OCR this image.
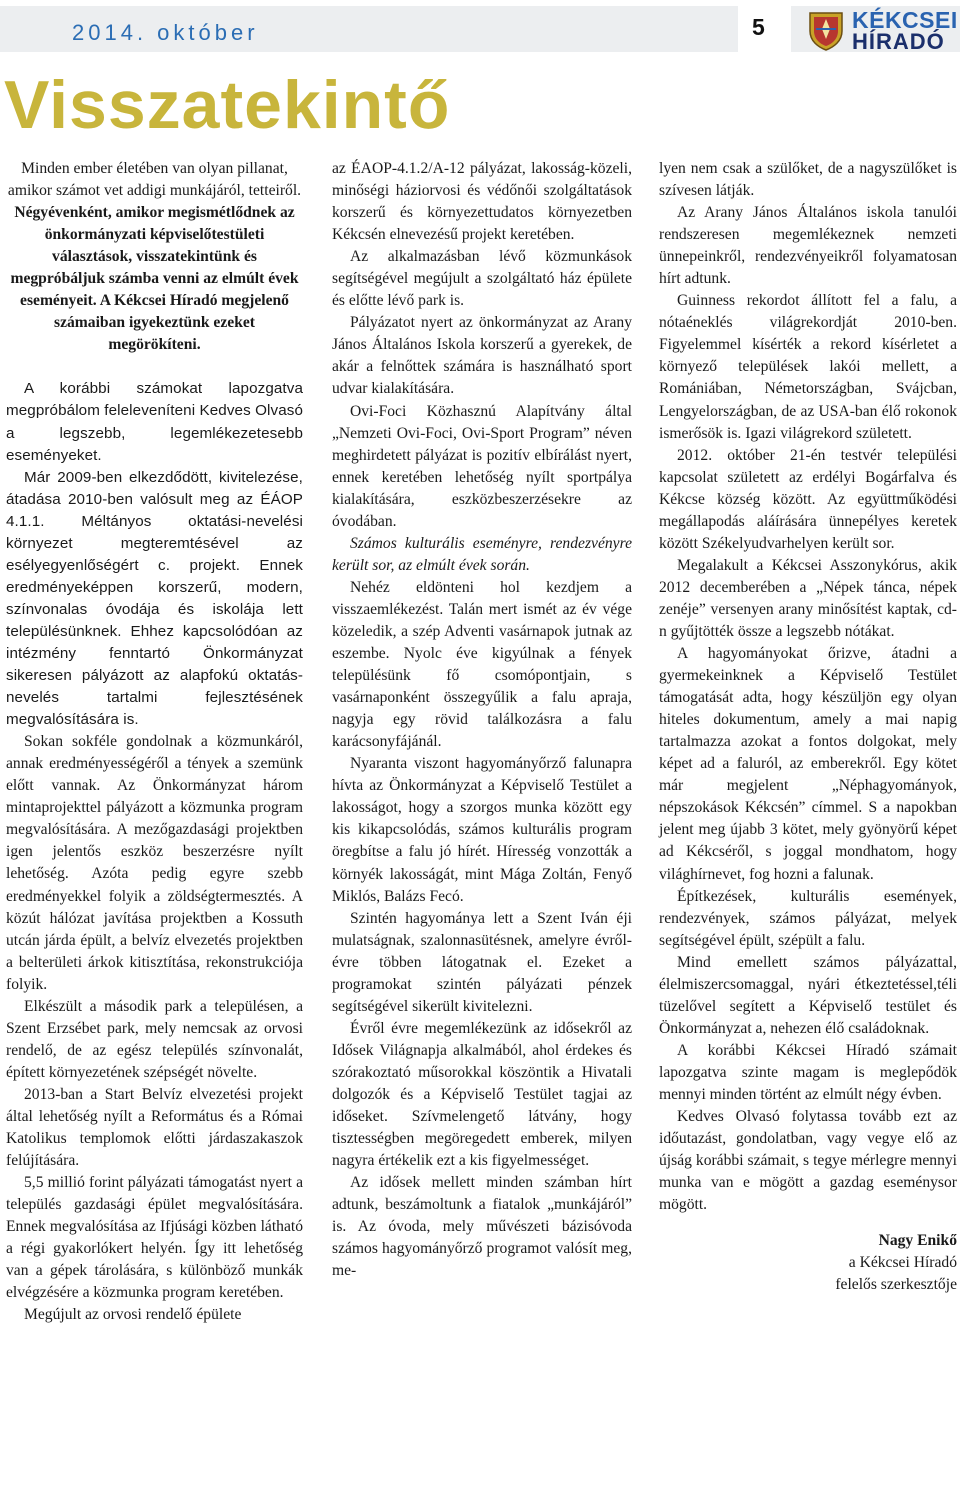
2014. október	5	KÉKCSEI
HÍRADÓ
Visszatekintő

Minden ember életében van olyan pillanat, amikor számot vet addigi munkájáról, tetteiről. Négyévenként, amikor megismétlődnek az önkormányzati képviselőtestületi választások, visszatekintünk és megpróbáljuk számba venni az elmúlt évek eseményeit. A Kékcsei Híradó megjelenő számaiban igyekeztünk ezeket megörökíteni.

A korábbi számokat lapozgatva megpróbálom feleleveníteni Kedves Olvasó a legszebb, legemlékezetesebb eseményeket.

Már 2009-ben elkezdődött, kivitelezése, átadása 2010-ben valósult meg az ÉÁOP 4.1.1. Méltányos oktatási-nevelési környezet megteremtésével az esélyegyenlőségért c. projekt. Ennek eredményeképpen korszerű, modern, színvonalas óvodája és iskolája lett településünknek. Ehhez kapcsolódóan az intézmény fenntartó Önkormányzat sikeresen pályázott az alapfokú oktatás-nevelés tartalmi fejlesztésének megvalósítására is.

Sokan sokféle gondolnak a közmunkáról, annak eredményességéről a tények a szemünk előtt vannak. Az Önkormányzat három mintaprojekttel pályázott a közmunka program megvalósítására. A mezőgazdasági projektben igen jelentős eszköz beszerzésre nyílt lehetőség. Azóta pedig egyre szebb eredményekkel folyik a zöldségtermesztés. A közút hálózat javítása projektben a Kossuth utcán járda épült, a belvíz elvezetés projektben a belterületi árkok kitisztítása, rekonstrukciója folyik.

Elkészült a második park a településen, a Szent Erzsébet park, mely nemcsak az orvosi rendelő, de az egész település színvonalát, épített környezetének szépségét növelte.

2013-ban a Start Belvíz elvezetési projekt által lehetőség nyílt a Református és a Római Katolikus templomok előtti járdaszakaszok felújítására.

5,5 millió forint pályázati támogatást nyert a település gazdasági épület megvalósítására. Ennek megvalósítása az Ifjúsági közben látható a régi gyakorlókert helyén. Így itt lehetőség van a gépek tárolására, s különböző munkák elvégzésére a közmunka program keretében.

Megújult az orvosi rendelő épülete

az ÉAOP-4.1.2/A-12 pályázat, lakosság-közeli, minőségi háziorvosi és védőnői szolgáltatások korszerű és környezettudatos környezetben Kékcsén elnevezésű projekt keretében.

Az alkalmazásban lévő közmunkások segítségével megújult a szolgáltató ház épülete és előtte lévő park is.

Pályázatot nyert az önkormányzat az Arany János Általános Iskola korszerű a gyerekek, de akár a felnőttek számára is használható sport udvar kialakítására.

Ovi-Foci Közhasznú Alapítvány által „Nemzeti Ovi-Foci, Ovi-Sport Program” néven meghirdetett pályázat is pozitív elbírálást nyert, ennek keretében lehetőség nyílt sportpálya kialakítására, eszközbeszerzésekre az óvodában.

Számos kulturális eseményre, rendezvényre került sor, az elmúlt évek során.

Nehéz eldönteni hol kezdjem a visszaemlékezést. Talán mert ismét az év vége közeledik, a szép Adventi vasárnapok jutnak az eszembe. Nyolc éve kigyúlnak a fények településünk fő csomópontjain, s vasárnaponként összegyűlik a falu apraja, nagyja egy rövid találkozásra a falu karácsonyfájánál.

Nyaranta viszont hagyományőrző falunapra hívta az Önkormányzat a Képviselő Testület a lakosságot, hogy a szorgos munka között egy kis kikapcsolódás, számos kulturális program öregbítse a falu jó hírét. Híresség vonzották a környék lakosságát, mint Mága Zoltán, Fenyő Miklós, Balázs Fecó.

Szintén hagyománya lett a Szent Iván éji mulatságnak, szalonnasütésnek, amelyre évről-évre többen látogatnak el. Ezeket a programokat szintén pályázati pénzek segítségével sikerült kivitelezni.

Évről évre megemlékezünk az idősekről az Idősek Világnapja alkalmából, ahol érdekes és szórakoztató műsorokkal köszöntik a Hivatali dolgozók és a Képviselő Testület tagjai az időseket. Szívmelengető látvány, hogy tisztességben megöregedett emberek, milyen nagyra értékelik ezt a kis figyelmességet.

Az idősek mellett minden számban hírt adtunk, beszámoltunk a fiatalok „munkájáról” is. Az óvoda, mely művészeti bázisóvoda számos hagyományőrző programot valósít meg, me-

lyen nem csak a szülőket, de a nagyszülőket is szívesen látják.

Az Arany János Általános iskola tanulói rendszeresen megemlékeznek nemzeti ünnepeinkről, rendezvényeikről folyamatosan hírt adtunk.

Guinness rekordot állított fel a falu, a nótaéneklés világrekordját 2010-ben. Figyelemmel kísérték a rekord kísérletet a környező települések lakói mellett, a Romániában, Németországban, Svájcban, Lengyelországban, de az USA-ban élő rokonok ismerősök is. Igazi világrekord született.

2012. október 21-én testvér települési kapcsolat született az erdélyi Bogárfalva és Kékcse község között. Az együttműködési megállapodás aláírására ünnepélyes keretek között Székelyudvarhelyen került sor.

Megalakult a Kékcsei Asszonykórus, akik 2012 decemberében a „Népek tánca, népek zenéje” versenyen arany minősítést kaptak, cd-n gyűjtötték össze a legszebb nótákat.

A hagyományokat őrizve, átadni a gyermekeinknek a Képviselő Testület támogatását adta, hogy készüljön egy olyan hiteles dokumentum, amely a mai napig tartalmazza azokat a fontos dolgokat, mely képet ad a faluról, az emberekről. Egy kötet már megjelent „Néphagyományok, népszokások Kékcsén” címmel. S a napokban jelent meg újabb 3 kötet, mely gyönyörű képet ad Kékcséről, s joggal mondhatom, hogy világhírnevet, fog hozni a falunak.

Építkezések, kulturális események, rendezvények, számos pályázat, melyek segítségével épült, szépült a falu.

Mind emellett számos pályázattal, élelmiszercsomaggal, nyári étkeztetéssel,téli tüzelővel segített a Képviselő testület és Önkormányzat a, nehezen élő családoknak.

A korábbi Kékcsei Híradó számait lapozgatva szinte magam is meglepődök mennyi minden történt az elmúlt négy évben.

Kedves Olvasó folytassa tovább ezt az időutazást, gondolatban, vagy vegye elő az újság korábbi számait, s tegye mérlegre mennyi munka van e mögött a gazdag eseménysor mögött.

Nagy Enikő

a Kékcsei Híradó

felelős szerkesztője
